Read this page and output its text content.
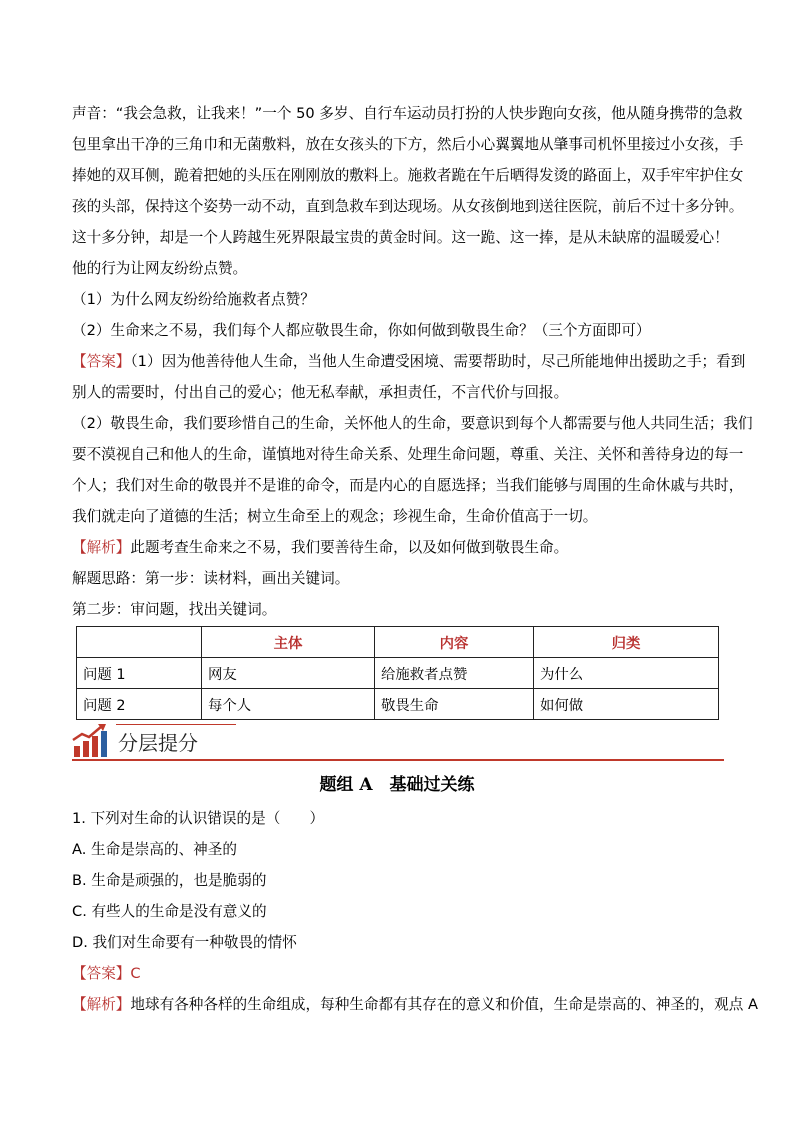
声音：“我会急救，让我来！”一个 50 多岁、自行车运动员打扮的人快步跑向女孩，他从随身携带的急救

包里拿出干净的三角巾和无菌敷料，放在女孩头的下方，然后小心翼翼地从肇事司机怀里接过小女孩，手

捧她的双耳侧，跪着把她的头压在刚刚放的敷料上。施救者跪在午后晒得发烫的路面上，双手牢牢护住女

孩的头部，保持这个姿势一动不动，直到急救车到达现场。从女孩倒地到送往医院，前后不过十多分钟。

这十多分钟，却是一个人跨越生死界限最宝贵的黄金时间。这一跪、这一捧，是从未缺席的温暖爱心！

他的行为让网友纷纷点赞。

（1）为什么网友纷纷给施救者点赞？

（2）生命来之不易，我们每个人都应敬畏生命，你如何做到敬畏生命？（三个方面即可）

【答案】（1）因为他善待他人生命，当他人生命遭受困境、需要帮助时，尽己所能地伸出援助之手；看到

别人的需要时，付出自己的爱心；他无私奉献，承担责任，不言代价与回报。

（2）敬畏生命，我们要珍惜自己的生命，关怀他人的生命，要意识到每个人都需要与他人共同生活；我们

要不漠视自己和他人的生命，谨慎地对待生命关系、处理生命问题，尊重、关注、关怀和善待身边的每一

个人；我们对生命的敬畏并不是谁的命令，而是内心的自愿选择；当我们能够与周围的生命休戚与共时，

我们就走向了道德的生活；树立生命至上的观念；珍视生命，生命价值高于一切。

【解析】此题考查生命来之不易，我们要善待生命，以及如何做到敬畏生命。

解题思路：第一步：读材料，画出关键词。

第二步：审问题，找出关键词。

	主体	内容	归类
问题 1	网友	给施救者点赞	为什么
问题 2	每个人	敬畏生命	如何做
分层提分
题组 A　基础过关练

1. 下列对生命的认识错误的是（　　）

A. 生命是崇高的、神圣的

B. 生命是顽强的，也是脆弱的

C. 有些人的生命是没有意义的

D. 我们对生命要有一种敬畏的情怀

【答案】C

【解析】地球有各种各样的生命组成，每种生命都有其存在的意义和价值，生命是崇高的、神圣的，观点 A
